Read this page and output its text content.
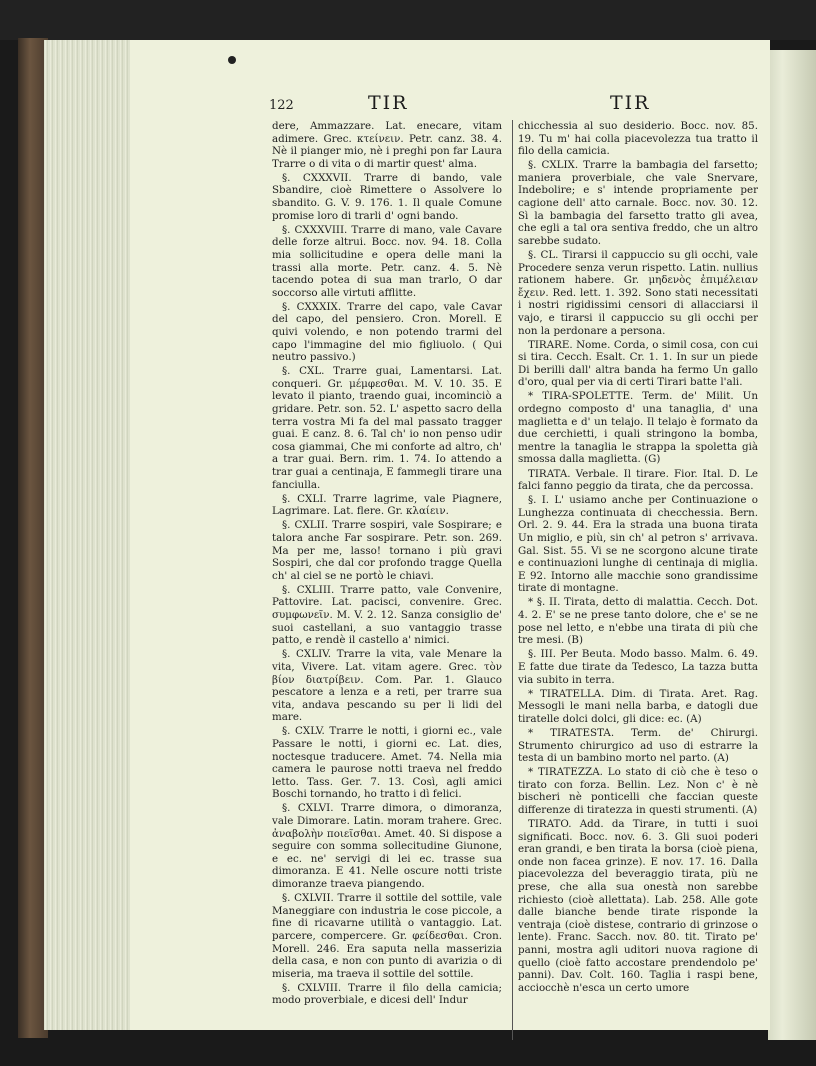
122	TIR	TIR

dere, Ammazzare. Lat. enecare, vitam adimere. Grec. κτείνειν. Petr. canz. 38. 4. Nè il pianger mio, nè i preghi pon far Laura Trarre o di vita o di martir quest' alma.

§. CXXXVII. Trarre di bando, vale Sbandire, cioè Rimettere o Assolvere lo sbandito. G. V. 9. 176. 1. Il quale Comune promise loro di trarli d' ogni bando.

§. CXXXVIII. Trarre di mano, vale Cavare delle forze altrui. Bocc. nov. 94. 18. Colla mia sollicitudine e opera delle mani la trassi alla morte. Petr. canz. 4. 5. Nè tacendo potea di sua man trarlo, O dar soccorso alle virtuti afflitte.

§. CXXXIX. Trarre del capo, vale Cavar del capo, del pensiero. Cron. Morell. E quivi volendo, e non potendo trarmi del capo l'immagine del mio figliuolo. ( Qui neutro passivo.)

§. CXL. Trarre guai, Lamentarsi. Lat. conqueri. Gr. μέμφεσθαι. M. V. 10. 35. E levato il pianto, traendo guai, incominciò a gridare. Petr. son. 52. L' aspetto sacro della terra vostra Mi fa del mal passato tragger guai. E canz. 8. 6. Tal ch' io non penso udir cosa giammai, Che mi conforte ad altro, ch' a trar guai. Bern. rim. 1. 74. Io attendo a trar guai a centinaja, E fammegli tirare una fanciulla.

§. CXLI. Trarre lagrime, vale Piagnere, Lagrimare. Lat. flere. Gr. κλαίειν.

§. CXLII. Trarre sospiri, vale Sospirare; e talora anche Far sospirare. Petr. son. 269. Ma per me, lasso! tornano i più gravi Sospiri, che dal cor profondo tragge Quella ch' al ciel se ne portò le chiavi.

§. CXLIII. Trarre patto, vale Convenire, Pattovire. Lat. pacisci, convenire. Grec. συμφωνεῖν. M. V. 2. 12. Sanza consiglio de' suoi castellani, a suo vantaggio trasse patto, e rendè il castello a' nimici.

§. CXLIV. Trarre la vita, vale Menare la vita, Vivere. Lat. vitam agere. Grec. τὸν βίον διατρίβειν. Com. Par. 1. Glauco pescatore a lenza e a reti, per trarre sua vita, andava pescando su per li lidi del mare.

§. CXLV. Trarre le notti, i giorni ec., vale Passare le notti, i giorni ec. Lat. dies, noctesque traducere. Amet. 74. Nella mia camera le paurose notti traeva nel freddo letto. Tass. Ger. 7. 13. Così, agli amici Boschi tornando, ho tratto i dì felici.

§. CXLVI. Trarre dimora, o dimoranza, vale Dimorare. Latin. moram trahere. Grec. ἀναβολὴν ποιεῖσθαι. Amet. 40. Si dispose a seguire con somma sollecitudine Giunone, e ec. ne' servigi di lei ec. trasse sua dimoranza. E 41. Nelle oscure notti triste dimoranze traeva piangendo.

§. CXLVII. Trarre il sottile del sottile, vale Maneggiare con industria le cose piccole, a fine di ricavarne utilità o vantaggio. Lat. parcere, compercere. Gr. φείδεσθαι. Cron. Morell. 246. Era saputa nella masserizia della casa, e non con punto di avarizia o di miseria, ma traeva il sottile del sottile.

§. CXLVIII. Trarre il filo della camicia; modo proverbiale, e dicesi dell' Indur

chicchessia al suo desiderio. Bocc. nov. 85. 19. Tu m' hai colla piacevolezza tua tratto il filo della camicia.

§. CXLIX. Trarre la bambagia del farsetto; maniera proverbiale, che vale Snervare, Indebolire; e s' intende propriamente per cagione dell' atto carnale. Bocc. nov. 30. 12. Sì la bambagia del farsetto tratto gli avea, che egli a tal ora sentiva freddo, che un altro sarebbe sudato.

§. CL. Tirarsi il cappuccio su gli occhi, vale Procedere senza verun rispetto. Latin. nullius rationem habere. Gr. μηδενὸς ἐπιμέλειαν ἔχειν. Red. lett. 1. 392. Sono stati necessitati i nostri rigidissimi censori di allacciarsi il vajo, e tirarsi il cappuccio su gli occhi per non la perdonare a persona.

TIRARE. Nome. Corda, o simil cosa, con cui si tira. Cecch. Esalt. Cr. 1. 1. In sur un piede Di berilli dall' altra banda ha fermo Un gallo d'oro, qual per via di certi Tirari batte l'ali.

* TIRA-SPOLETTE. Term. de' Milit. Un ordegno composto d' una tanaglia, d' una maglietta e d' un telajo. Il telajo è formato da due cerchietti, i quali stringono la bomba, mentre la tanaglia le strappa la spoletta già smossa dalla maglietta. (G)

TIRATA. Verbale. Il tirare. Fior. Ital. D. Le falci fanno peggio da tirata, che da percossa.

§. I. L' usiamo anche per Continuazione o Lunghezza continuata di checchessia. Bern. Orl. 2. 9. 44. Era la strada una buona tirata Un miglio, e più, sin ch' al petron s' arrivava. Gal. Sist. 55. Vi se ne scorgono alcune tirate e continuazioni lunghe di centinaja di miglia. E 92. Intorno alle macchie sono grandissime tirate di montagne.

* §. II. Tirata, detto di malattia. Cecch. Dot. 4. 2. E' se ne prese tanto dolore, che e' se ne pose nel letto, e n'ebbe una tirata di più che tre mesi. (B)

§. III. Per Beuta. Modo basso. Malm. 6. 49. E fatte due tirate da Tedesco, La tazza butta via subito in terra.

* TIRATELLA. Dim. di Tirata. Aret. Rag. Messogli le mani nella barba, e datogli due tiratelle dolci dolci, gli dice: ec. (A)

* TIRATESTA. Term. de' Chirurgi. Strumento chirurgico ad uso di estrarre la testa di un bambino morto nel parto. (A)

* TIRATEZZA. Lo stato di ciò che è teso o tirato con forza. Bellin. Lez. Non c' è nè bischeri nè ponticelli che faccian queste differenze di tiratezza in questi strumenti. (A)

TIRATO. Add. da Tirare, in tutti i suoi significati. Bocc. nov. 6. 3. Gli suoi poderi eran grandi, e ben tirata la borsa (cioè piena, onde non facea grinze). E nov. 17. 16. Dalla piacevolezza del beveraggio tirata, più ne prese, che alla sua onestà non sarebbe richiesto (cioè allettata). Lab. 258. Alle gote dalle bianche bende tirate risponde la ventraja (cioè distese, contrario di grinzose o lente). Franc. Sacch. nov. 80. tit. Tirato pe' panni, mostra agli uditori nuova ragione di quello (cioè fatto accostare prendendolo pe' panni). Dav. Colt. 160. Taglia i raspi bene, acciocchè n'esca un certo umore
